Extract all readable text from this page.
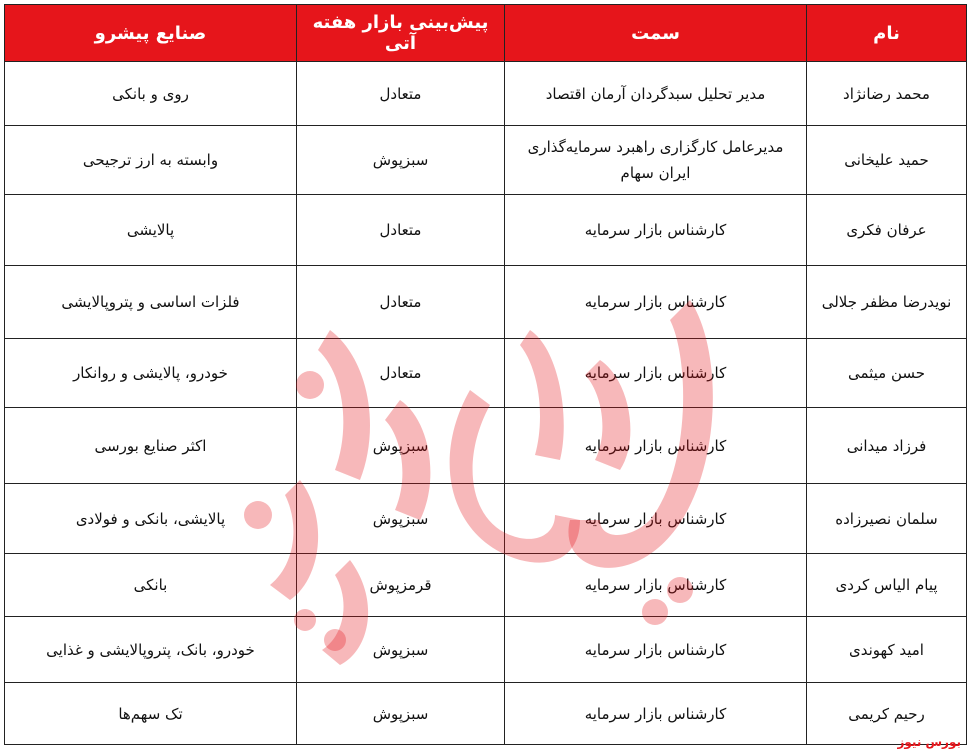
نام	سمت	پیش‌بینی بازار هفته آتی	صنایع پیشرو
محمد رضانژاد	مدیر تحلیل سبدگردان آرمان اقتصاد	متعادل	روی و بانکی
حمید علیخانی	مدیرعامل کارگزاری راهبرد سرمایه‌گذاری ایران سهام	سبزپوش	وابسته به ارز ترجیحی
عرفان فکری	کارشناس بازار سرمایه	متعادل	پالایشی
نویدرضا مظفر جلالی	کارشناس بازار سرمایه	متعادل	فلزات اساسی و پتروپالایشی
حسن میثمی	کارشناس بازار سرمایه	متعادل	خودرو، پالایشی و روانکار
فرزاد میدانی	کارشناس بازار سرمایه	سبزپوش	اکثر صنایع بورسی
سلمان نصیرزاده	کارشناس بازار سرمایه	سبزپوش	پالایشی، بانکی و فولادی
پیام الیاس کردی	کارشناس بازار سرمایه	قرمزپوش	بانکی
امید کهوندی	کارشناس بازار سرمایه	سبزپوش	خودرو، بانک، پتروپالایشی و غذایی
رحیم کریمی	کارشناس بازار سرمایه	سبزپوش	تک سهم‌ها
بورس نیوز
